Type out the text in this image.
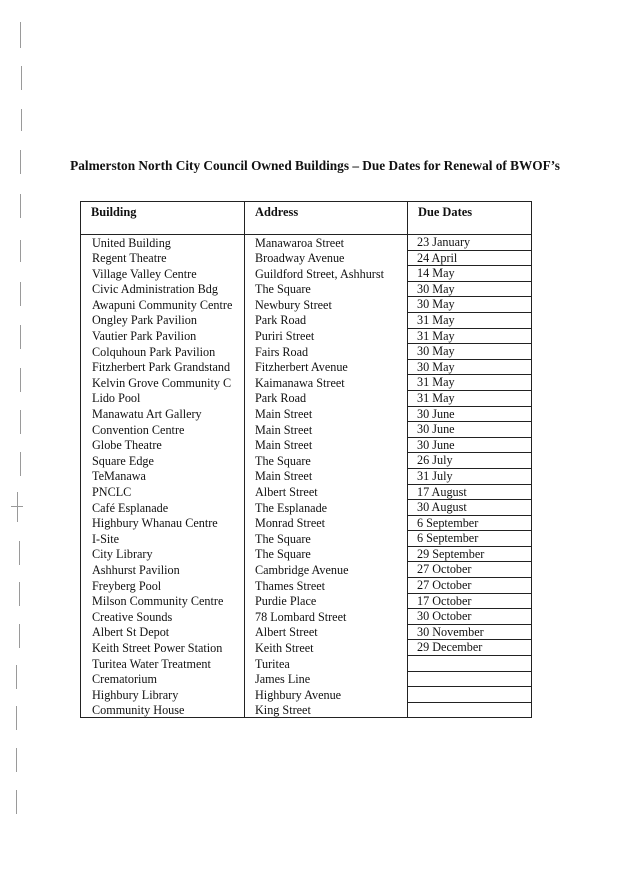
Palmerston North City Council Owned Buildings – Due Dates for Renewal of BWOF’s
Building	Address	Due Dates
United Building	Manawaroa Street	23 January
Regent Theatre	Broadway Avenue	24 April
Village Valley Centre	Guildford Street, Ashhurst	14 May
Civic Administration Bdg	The Square	30 May
Awapuni Community Centre	Newbury Street	30 May
Ongley Park Pavilion	Park Road	31 May
Vautier Park Pavilion	Puriri Street	31 May
Colquhoun Park Pavilion	Fairs Road	30 May
Fitzherbert Park Grandstand	Fitzherbert Avenue	30 May
Kelvin Grove Community C	Kaimanawa Street	31 May
Lido Pool	Park Road	31 May
Manawatu Art Gallery	Main Street	30 June
Convention Centre	Main Street	30 June
Globe Theatre	Main Street	30 June
Square Edge	The Square	26 July
TeManawa	Main Street	31 July
PNCLC	Albert Street	17 August
Café Esplanade	The Esplanade	30 August
Highbury Whanau Centre	Monrad Street	6 September
I-Site	The Square	6 September
City Library	The Square	29 September
Ashhurst Pavilion	Cambridge Avenue	27 October
Freyberg Pool	Thames Street	27 October
Milson Community Centre	Purdie Place	17 October
Creative Sounds	78 Lombard Street	30 October
Albert St Depot	Albert Street	30 November
Keith Street Power Station	Keith Street	29 December
Turitea Water Treatment	Turitea	
Crematorium	James Line	
Highbury Library	Highbury Avenue	
Community House	King Street	
